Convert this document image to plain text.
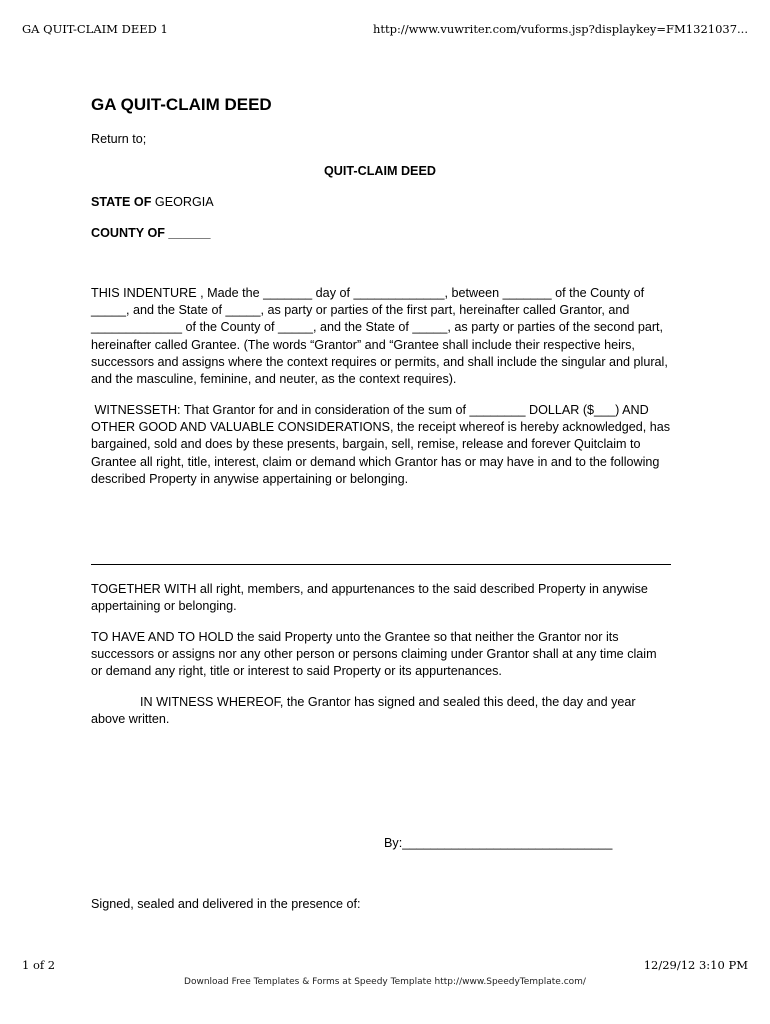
GA QUIT-CLAIM DEED 1	http://www.vuwriter.com/vuforms.jsp?displaykey=FM1321037...
GA QUIT-CLAIM DEED
Return to;
QUIT-CLAIM DEED
STATE OF GEORGIA
COUNTY OF ______

THIS INDENTURE , Made the _______ day of _____________, between _______ of the County of _____, and the State of _____, as party or parties of the first part, hereinafter called Grantor, and _____________ of the County of _____, and the State of _____, as party or parties of the second part, hereinafter called Grantee. (The words “Grantor” and “Grantee shall include their respective heirs, successors and assigns where the context requires or permits, and shall include the singular and plural, and the masculine, feminine, and neuter, as the context requires).

WITNESSETH: That Grantor for and in consideration of the sum of ________ DOLLAR ($___) AND OTHER GOOD AND VALUABLE CONSIDERATIONS, the receipt whereof is hereby acknowledged, has bargained, sold and does by these presents, bargain, sell, remise, release and forever Quitclaim to Grantee all right, title, interest, claim or demand which Grantor has or may have in and to the following described Property in anywise appertaining or belonging.

TOGETHER WITH all right, members, and appurtenances to the said described Property in anywise appertaining or belonging.

TO HAVE AND TO HOLD the said Property unto the Grantee so that neither the Grantor nor its successors or assigns nor any other person or persons claiming under Grantor shall at any time claim or demand any right, title or interest to said Property or its appurtenances.

IN WITNESS WHEREOF, the Grantor has signed and sealed this deed, the day and year above written.

By:______________________________

Signed, sealed and delivered in the presence of:

1 of 2	12/29/12 3:10 PM
Download Free Templates & Forms at Speedy Template http://www.SpeedyTemplate.com/
